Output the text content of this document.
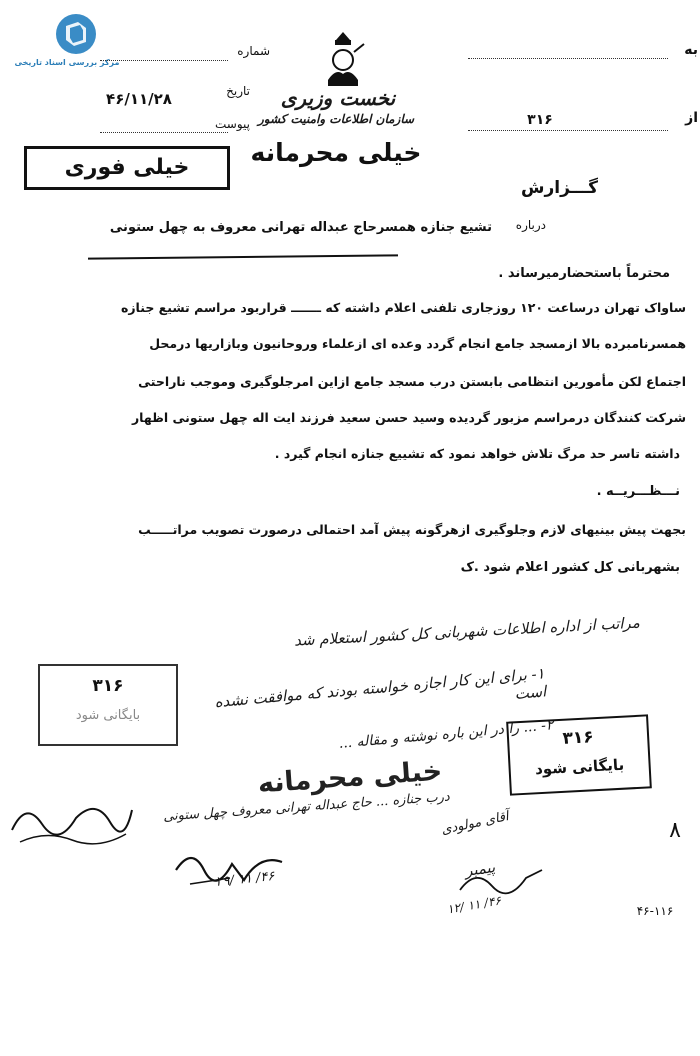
مرکز بررسی اسناد تاریخی
شماره
تاریخ
۴۶/۱۱/۲۸
پیوست
به
از
۳۱۶
نخست وزیری
سازمان اطلاعات وامنیت کشور
خیلی محرمانه
خیلی فوری
گـــزارش
درباره
تشیع جنازه همسرحاج عبداله تهرانی معروف به چهل ستونی
محترماً باستحضارمیرساند .
ساواک تهران درساعت ۱۲۰ روزجاری تلفنی اعلام داشته که ـــــــ قراربود مراسم تشیع جنازه
همسرنامبرده بالا ازمسجد جامع انجام گردد وعده ای ازعلماء وروحانیون وبازاریها درمحل
اجتماع لکن مأمورین انتظامی بابستن درب مسجد جامع ازاین امرجلوگیری وموجب ناراحتی
شرکت کنندگان درمراسم مزبور گردیده وسید حسن سعید فرزند ایت اله چهل ستونی اظهار
داشته تاسر حد مرگ تلاش خواهد نمود که تشییع جنازه انجام گیرد .
نـــظـــریــه .
بجهت پیش بینیهای لازم وجلوگیری ازهرگونه پیش آمد احتمالی درصورت تصویب مراتـــــب
بشهربانی کل کشور اعلام شود .ک
مراتب از اداره اطلاعات شهربانی کل کشور استعلام شد
۱- برای این کار اجازه خواسته بودند که موافقت نشده است
۲- ... را در این باره نوشته و مقاله ...
آقای مولودی
درب جنازه ... حاج عبداله تهرانی معروف چهل ستونی
پیمبر
۲۹/ ۱۱ /۴۶
۱۲/ ۱۱ /۴۶
۳۱۶
بایگانی شود
۳۱۶
بایگانی شود
خیلی محرمانه
۸
۴۶-۱۱۶
